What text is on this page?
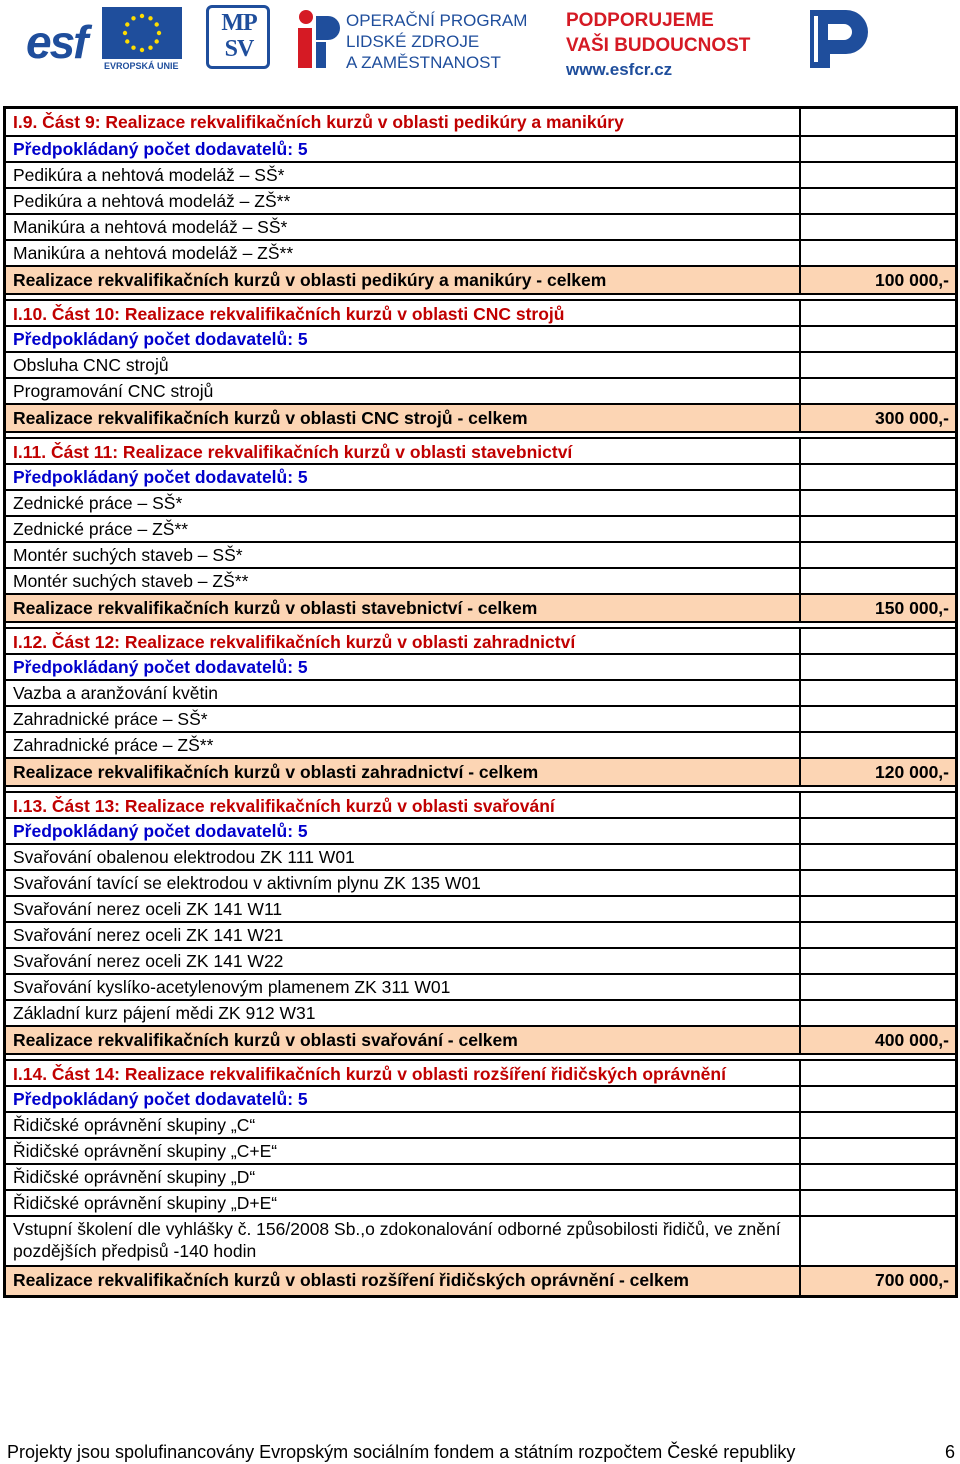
esf EVROPSKÁ UNIE
MP
SV
OPERAČNÍ PROGRAM
LIDSKÉ ZDROJE
A ZAMĚSTNANOST
PODPORUJEME
VAŠI BUDOUCNOST
www.esfcr.cz
I.9. Část 9: Realizace rekvalifikačních kurzů v oblasti pedikúry a manikúry
Předpokládaný počet dodavatelů: 5
Pedikúra a nehtová modeláž – SŠ*
Pedikúra a nehtová modeláž – ZŠ**
Manikúra a nehtová modeláž – SŠ*
Manikúra a nehtová modeláž – ZŠ**
Realizace rekvalifikačních kurzů v oblasti pedikúry a manikúry - celkem	100 000,-
I.10. Část 10: Realizace rekvalifikačních kurzů v oblasti CNC strojů
Předpokládaný počet dodavatelů: 5
Obsluha CNC strojů
Programování CNC strojů
Realizace rekvalifikačních kurzů v oblasti CNC strojů - celkem	300 000,-
I.11. Část 11: Realizace rekvalifikačních kurzů v oblasti stavebnictví
Předpokládaný počet dodavatelů: 5
Zednické práce – SŠ*
Zednické práce – ZŠ**
Montér suchých staveb – SŠ*
Montér suchých staveb – ZŠ**
Realizace rekvalifikačních kurzů v oblasti stavebnictví - celkem	150 000,-
I.12. Část 12: Realizace rekvalifikačních kurzů v oblasti zahradnictví
Předpokládaný počet dodavatelů: 5
Vazba a aranžování květin
Zahradnické práce – SŠ*
Zahradnické práce – ZŠ**
Realizace rekvalifikačních kurzů v oblasti zahradnictví - celkem	120 000,-
I.13. Část 13: Realizace rekvalifikačních kurzů v oblasti svařování
Předpokládaný počet dodavatelů: 5
Svařování obalenou elektrodou ZK 111 W01
Svařování tavící se elektrodou v aktivním plynu ZK 135 W01
Svařování nerez oceli ZK 141 W11
Svařování nerez oceli ZK 141 W21
Svařování nerez oceli ZK 141 W22
Svařování kyslíko-acetylenovým plamenem ZK 311 W01
Základní kurz pájení mědi ZK 912 W31
Realizace rekvalifikačních kurzů v oblasti svařování - celkem	400 000,-
I.14. Část 14: Realizace rekvalifikačních kurzů v oblasti rozšíření řidičských oprávnění
Předpokládaný počet dodavatelů: 5
Řidičské oprávnění skupiny „C“
Řidičské oprávnění skupiny „C+E“
Řidičské oprávnění skupiny „D“
Řidičské oprávnění skupiny „D+E“
Vstupní školení dle vyhlášky č. 156/2008 Sb.,o zdokonalování odborné způsobilosti řidičů, ve znění pozdějších předpisů -140 hodin
Realizace rekvalifikačních kurzů v oblasti rozšíření řidičských oprávnění - celkem	700 000,-
Projekty jsou spolufinancovány Evropským sociálním fondem a státním rozpočtem České republiky	6
